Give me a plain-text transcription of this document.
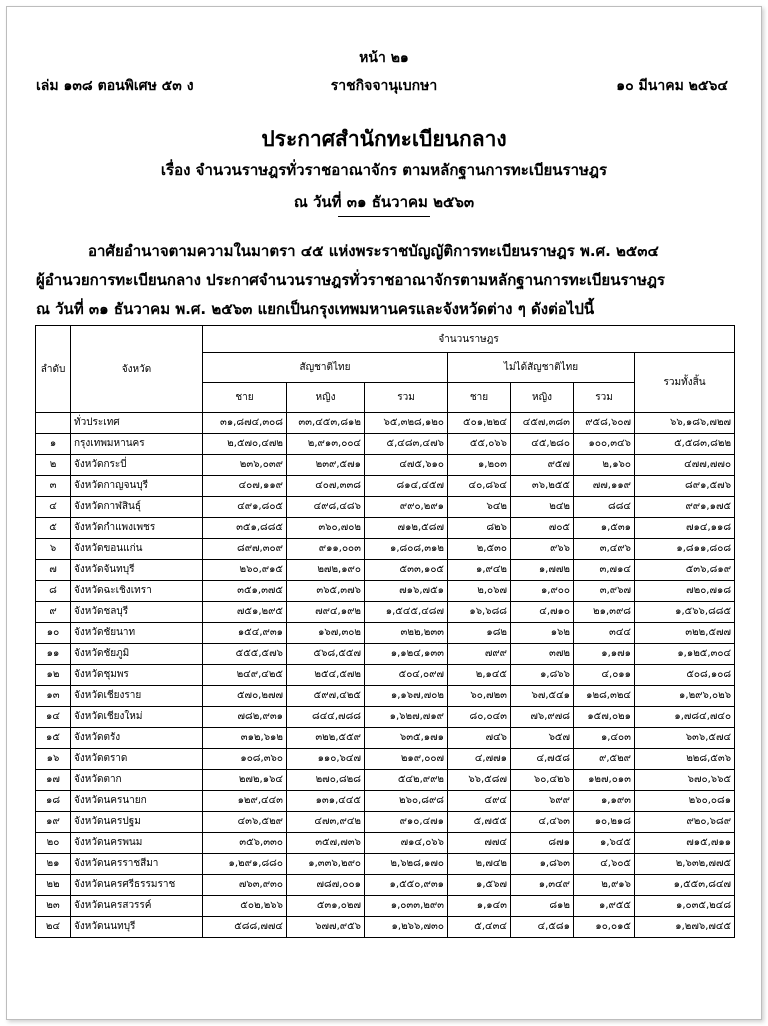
หน้า ๒๑
เล่ม ๑๓๘ ตอนพิเศษ ๕๓ ง	ราชกิจจานุเบกษา	๑๐ มีนาคม ๒๕๖๔
ประกาศสำนักทะเบียนกลาง
เรื่อง จำนวนราษฎรทั่วราชอาณาจักร ตามหลักฐานการทะเบียนราษฎร
ณ วันที่ ๓๑ ธันวาคม ๒๕๖๓
อาศัยอำนาจตามความในมาตรา ๔๕ แห่งพระราชบัญญัติการทะเบียนราษฎร พ.ศ. ๒๕๓๔
ผู้อำนวยการทะเบียนกลาง ประกาศจำนวนราษฎรทั่วราชอาณาจักรตามหลักฐานการทะเบียนราษฎร
ณ วันที่ ๓๑ ธันวาคม พ.ศ. ๒๕๖๓ แยกเป็นกรุงเทพมหานครและจังหวัดต่าง ๆ ดังต่อไปนี้
ลำดับ	จังหวัด	จำนวนราษฎร						
		สัญชาติไทย			ไม่ได้สัญชาติไทย			รวมทั้งสิ้น
		ชาย	หญิง	รวม	ชาย	หญิง	รวม	
	ทั่วประเทศ	๓๑,๘๗๔,๓๐๘	๓๓,๔๕๓,๘๑๒	๖๕,๓๒๘,๑๒๐	๕๐๑,๒๒๔	๔๕๗,๓๘๓	๙๕๘,๖๐๗	๖๖,๑๘๖,๗๒๗
๑	กรุงเทพมหานคร	๒,๕๗๐,๔๗๒	๒,๙๑๓,๐๐๔	๕,๔๘๓,๔๗๖	๕๕,๐๖๖	๔๕,๒๘๐	๑๐๐,๓๔๖	๕,๕๘๓,๘๒๒
๒	จังหวัดกระบี่	๒๓๖,๐๓๙	๒๓๙,๕๗๑	๔๗๕,๖๑๐	๑,๒๐๓	๙๕๗	๒,๑๖๐	๔๗๗,๗๗๐
๓	จังหวัดกาญจนบุรี	๔๐๗,๑๑๙	๔๐๗,๓๓๘	๘๑๔,๔๕๗	๔๐,๘๖๔	๓๖,๒๕๕	๗๗,๑๑๙	๘๙๑,๕๗๖
๔	จังหวัดกาฬสินธุ์	๔๙๑,๘๐๕	๔๙๘,๔๘๖	๙๙๐,๒๙๑	๖๔๒	๒๔๒	๘๘๔	๙๙๑,๑๗๕
๕	จังหวัดกำแพงเพชร	๓๕๑,๘๘๕	๓๖๐,๗๐๒	๗๑๒,๕๘๗	๘๒๖	๗๐๕	๑,๕๓๑	๗๑๔,๑๑๘
๖	จังหวัดขอนแก่น	๘๙๗,๓๐๙	๙๑๑,๐๐๓	๑,๘๐๘,๓๑๒	๒,๕๓๐	๙๖๖	๓,๔๙๖	๑,๘๑๑,๘๐๘
๗	จังหวัดจันทบุรี	๒๖๐,๙๑๕	๒๗๒,๑๙๐	๕๓๓,๑๐๕	๑,๙๔๒	๑,๗๗๒	๓,๗๑๔	๕๓๖,๘๑๙
๘	จังหวัดฉะเชิงเทรา	๓๕๑,๓๗๕	๓๖๕,๓๗๖	๗๑๖,๗๕๑	๒,๐๖๗	๑,๙๐๐	๓,๙๖๗	๗๒๐,๗๑๘
๙	จังหวัดชลบุรี	๗๕๑,๒๙๕	๗๙๔,๑๙๒	๑,๕๔๕,๔๘๗	๑๖,๖๘๘	๔,๗๑๐	๒๑,๓๙๘	๑,๕๖๖,๘๘๕
๑๐	จังหวัดชัยนาท	๑๕๔,๙๓๑	๑๖๗,๓๐๒	๓๒๒,๒๓๓	๑๘๒	๑๖๒	๓๔๔	๓๒๒,๕๗๗
๑๑	จังหวัดชัยภูมิ	๕๕๕,๕๗๖	๕๖๘,๕๕๗	๑,๑๒๔,๑๓๓	๗๙๙	๓๗๒	๑,๑๗๑	๑,๑๒๕,๓๐๔
๑๒	จังหวัดชุมพร	๒๔๙,๔๒๕	๒๕๔,๕๗๒	๕๐๔,๐๙๗	๒,๑๔๕	๑,๘๖๖	๔,๐๑๑	๕๐๘,๑๐๘
๑๓	จังหวัดเชียงราย	๕๗๐,๒๗๗	๕๙๗,๔๒๕	๑,๑๖๗,๗๐๒	๖๐,๗๒๓	๖๗,๕๔๑	๑๒๘,๓๒๔	๑,๒๙๖,๐๒๖
๑๔	จังหวัดเชียงใหม่	๗๘๒,๙๓๑	๘๔๔,๗๘๘	๑,๖๒๗,๗๑๙	๘๐,๐๔๓	๗๖,๙๗๘	๑๕๗,๐๒๑	๑,๗๘๔,๗๔๐
๑๕	จังหวัดตรัง	๓๑๒,๖๑๒	๓๒๒,๕๕๙	๖๓๕,๑๗๑	๗๔๖	๖๕๗	๑,๔๐๓	๖๓๖,๕๗๔
๑๖	จังหวัดตราด	๑๐๘,๓๖๐	๑๑๐,๖๔๗	๒๑๙,๐๐๗	๔,๗๗๑	๔,๗๕๘	๙,๕๒๙	๒๒๘,๕๓๖
๑๗	จังหวัดตาก	๒๗๒,๑๖๔	๒๗๐,๘๒๘	๕๔๒,๙๙๒	๖๖,๕๘๗	๖๐,๔๒๖	๑๒๗,๐๑๓	๖๗๐,๖๖๕
๑๘	จังหวัดนครนายก	๑๒๙,๔๔๓	๑๓๑,๔๔๕	๒๖๐,๘๙๘	๔๙๔	๖๙๙	๑,๑๙๓	๒๖๐,๐๘๑
๑๙	จังหวัดนครปฐม	๔๓๖,๕๒๙	๔๗๓,๙๔๒	๙๑๐,๔๗๑	๕,๗๕๕	๔,๔๖๓	๑๐,๒๑๘	๙๒๐,๖๘๙
๒๐	จังหวัดนครพนม	๓๕๖,๓๓๐	๓๕๗,๗๓๖	๗๑๔,๐๖๖	๗๗๔	๘๗๑	๑,๖๔๕	๗๑๕,๗๑๑
๒๑	จังหวัดนครราชสีมา	๑,๒๙๑,๘๘๐	๑,๓๓๖,๒๙๐	๒,๖๒๘,๑๗๐	๒,๗๔๒	๑,๘๖๓	๔,๖๐๕	๒,๖๓๒,๗๗๕
๒๒	จังหวัดนครศรีธรรมราช	๗๖๓,๙๓๐	๗๘๗,๐๐๑	๑,๕๕๐,๙๓๑	๑,๕๖๗	๑,๓๔๙	๒,๙๑๖	๑,๕๕๓,๘๔๗
๒๓	จังหวัดนครสวรรค์	๕๐๒,๒๖๖	๕๓๑,๐๒๗	๑,๐๓๓,๒๙๓	๑,๑๔๓	๘๑๒	๑,๙๕๕	๑,๐๓๕,๒๔๘
๒๔	จังหวัดนนทบุรี	๕๘๘,๗๗๔	๖๗๗,๙๕๖	๑,๒๖๖,๗๓๐	๕,๔๓๔	๔,๕๘๑	๑๐,๐๑๕	๑,๒๗๖,๗๔๕
